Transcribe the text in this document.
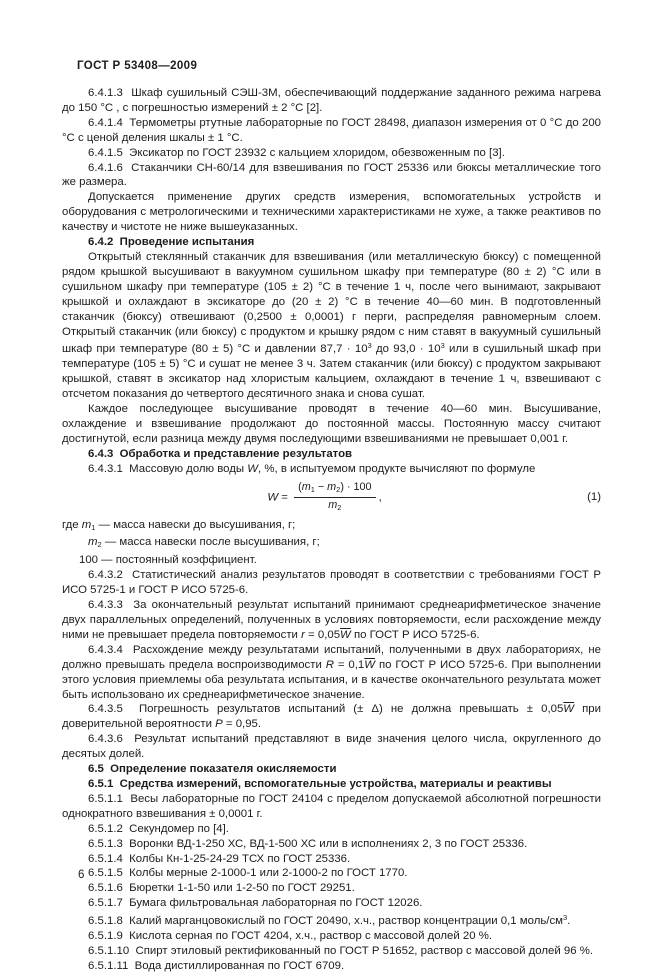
ГОСТ Р 53408—2009

6.4.1.3  Шкаф сушильный СЭШ-3М, обеспечивающий поддержание заданного режима нагрева до 150 °C , с погрешностью измерений ± 2 °C [2].

6.4.1.4  Термометры ртутные лабораторные по ГОСТ 28498, диапазон измерения от 0 °C до 200 °C с ценой деления шкалы ± 1 °C.

6.4.1.5  Эксикатор по ГОСТ 23932 с кальцием хлоридом, обезвоженным по [3].

6.4.1.6  Стаканчики СН-60/14 для взвешивания по ГОСТ 25336 или бюксы металлические того же размера.

Допускается применение других средств измерения, вспомогательных устройств и оборудования с метрологическими и техническими характеристиками не хуже, а также реактивов по качеству и чистоте не ниже вышеуказанных.

6.4.2  Проведение испытания

Открытый стеклянный стаканчик для взвешивания (или металлическую бюксу) с помещенной рядом крышкой высушивают в вакуумном сушильном шкафу при температуре (80 ± 2) °C или в сушильном шкафу при температуре (105 ± 2) °C в течение 1 ч, после чего вынимают, закрывают крышкой и охлаждают в эксикаторе до (20 ± 2) °C в течение 40—60 мин. В подготовленный стаканчик (бюксу) отвешивают (0,2500 ± 0,0001) г перги, распределяя равномерным слоем. Открытый стаканчик (или бюксу) с продуктом и крышку рядом с ним ставят в вакуумный сушильный шкаф при температуре (80 ± 5) °C и давлении $87,7 \cdot 10^3$ до $93,0 \cdot 10^3$ или в сушильный шкаф при температуре (105 ± 5) °C и сушат не менее 3 ч. Затем стаканчик (или бюксу) с продуктом закрывают крышкой, ставят в эксикатор над хлористым кальцием, охлаждают в течение 1 ч, взвешивают с отсчетом показания до четвертого десятичного знака и снова сушат.

Каждое последующее высушивание проводят в течение 40—60 мин. Высушивание, охлаждение и взвешивание продолжают до постоянной массы. Постоянную массу считают достигнутой, если разница между двумя последующими взвешиваниями не превышает 0,001 г.

6.4.3  Обработка и представление результатов

6.4.3.1  Массовую долю воды W, %, в испытуемом продукте вычисляют по формуле

$W = \frac{(m1 - m2) \cdot 100}{m2}$ ,	(1)

где m1 — масса навески до высушивания, г;

m2 — масса навески после высушивания, г;

100 — постоянный коэффициент.

6.4.3.2  Статистический анализ результатов проводят в соответствии с требованиями ГОСТ Р ИСО 5725-1 и ГОСТ Р ИСО 5725-6.

6.4.3.3  За окончательный результат испытаний принимают среднеарифметическое значение двух параллельных определений, полученных в условиях повторяемости, если расхождение между ними не превышает предела повторяемости $r = 0,05\overline{W}$ по ГОСТ Р ИСО 5725-6.

6.4.3.4  Расхождение между результатами испытаний, полученными в двух лабораториях, не должно превышать предела воспроизводимости $R = 0,1\overline{W}$ по ГОСТ Р ИСО 5725-6. При выполнении этого условия приемлемы оба результата испытания, и в качестве окончательного результата может быть использовано их среднеарифметическое значение.

6.4.3.5  Погрешность результатов испытаний (± Δ) не должна превышать ± $0,05\overline{W}$ при доверительной вероятности P = 0,95.

6.4.3.6  Результат испытаний представляют в виде значения целого числа, округленного до десятых долей.

6.5  Определение показателя окисляемости

6.5.1  Средства измерений, вспомогательные устройства, материалы и реактивы

6.5.1.1  Весы лабораторные по ГОСТ 24104 с пределом допускаемой абсолютной погрешности однократного взвешивания ± 0,0001 г.

6.5.1.2  Секундомер по [4].

6.5.1.3  Воронки ВД-1-250 ХС, ВД-1-500 ХС или в исполнениях 2, 3 по ГОСТ 25336.

6.5.1.4  Колбы Кн-1-25-24-29 ТСХ по ГОСТ 25336.

6.5.1.5  Колбы мерные 2-1000-1 или 2-1000-2 по ГОСТ 1770.

6.5.1.6  Бюретки 1-1-50 или 1-2-50 по ГОСТ 29251.

6.5.1.7  Бумага фильтровальная лабораторная по ГОСТ 12026.

6.5.1.8  Калий марганцовокислый по ГОСТ 20490, х.ч., раствор концентрации 0,1 моль/$см^3$.

6.5.1.9  Кислота серная по ГОСТ 4204, х.ч., раствор с массовой долей 20 %.

6.5.1.10  Спирт этиловый ректификованный по ГОСТ Р 51652, раствор с массовой долей 96 %.

6.5.1.11  Вода дистиллированная по ГОСТ 6709.

6
